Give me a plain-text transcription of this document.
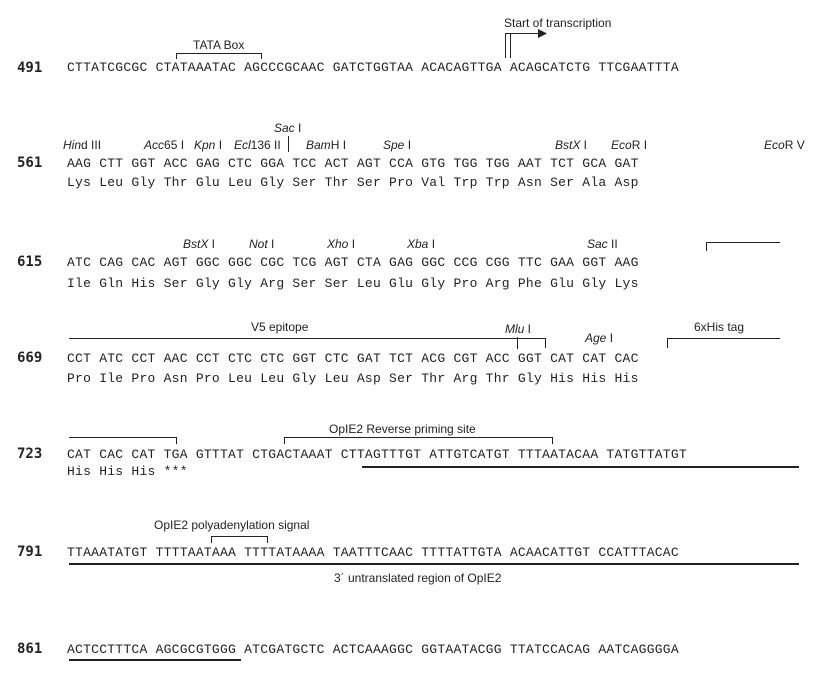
491 CTTATCGCGC CTATAAATAC AGCCCGCAAC GATCTGGTAA ACACAGTTGA ACAGCATCTG TTCGAATTTA
TATA Box
Start of transcription
561 AAG CTT GGT ACC GAG CTC GGA TCC ACT AGT CCA GTG TGG TGG AAT TCT GCA GAT
Lys Leu Gly Thr Glu Leu Gly Ser Thr Ser Pro Val Trp Trp Asn Ser Ala Asp
Hind III	Acc65 I Kpn I Ecl136 II
Sac I
BamH I	Spe I	BstX I EcoR I	EcoR V
615 ATC CAG CAC AGT GGC GGC CGC TCG AGT CTA GAG GGC CCG CGG TTC GAA GGT AAG
Ile Gln His Ser Gly Gly Arg Ser Ser Leu Glu Gly Pro Arg Phe Glu Gly Lys
BstX I	Not I	Xho I	Xba I	Sac II
669 CCT ATC CCT AAC CCT CTC CTC GGT CTC GAT TCT ACG CGT ACC GGT CAT CAT CAC
Pro Ile Pro Asn Pro Leu Leu Gly Leu Asp Ser Thr Arg Thr Gly His His His
V5 epitope	Mlu I
Age I
6xHis tag
723 CAT CAC CAT TGA GTTTAT CTGACTAAAT CTTAGTTTGT ATTGTCATGT TTTAATACAA TATGTTATGT
His His His ***
OpIE2 Reverse priming site
791 TTAAATATGT TTTTAATAAA TTTTATAAAA TAATTTCAAC TTTTATTGTA ACAACATTGT CCATTTACAC
OpIE2 polyadenylation signal
3´ untranslated region of OpIE2
861 ACTCCTTTCA AGCGCGTGGG ATCGATGCTC ACTCAAAGGC GGTAATACGG TTATCCACAG AATCAGGGGA
